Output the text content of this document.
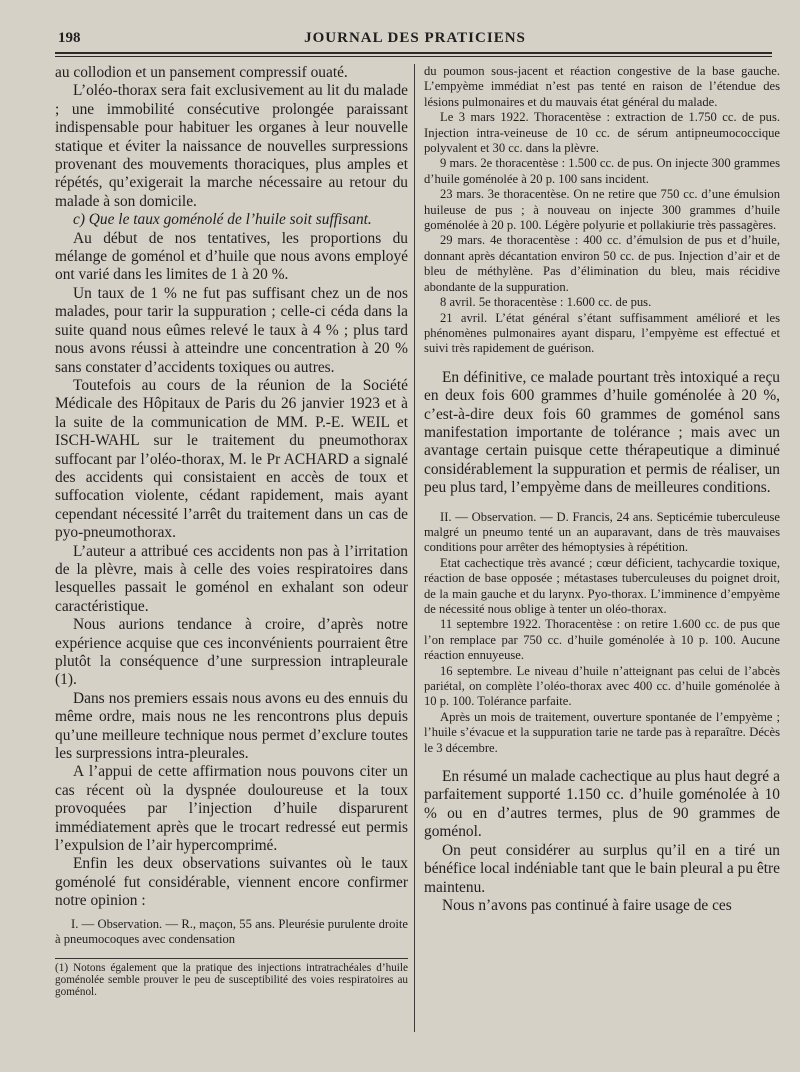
198	JOURNAL DES PRATICIENS

au collodion et un pansement compressif ouaté.

L’oléo-thorax sera fait exclusivement au lit du malade ; une immobilité consécutive prolongée paraissant indispensable pour habituer les organes à leur nouvelle statique et éviter la naissance de nouvelles surpressions provenant des mouvements thoraciques, plus amples et répétés, qu’exigerait la marche nécessaire au retour du malade à son domicile.

c) Que le taux goménolé de l’huile soit suffisant.

Au début de nos tentatives, les proportions du mélange de goménol et d’huile que nous avons employé ont varié dans les limites de 1 à 20 %.

Un taux de 1 % ne fut pas suffisant chez un de nos malades, pour tarir la suppuration ; celle-ci céda dans la suite quand nous eûmes relevé le taux à 4 % ; plus tard nous avons réussi à atteindre une concentration à 20 % sans constater d’accidents toxiques ou autres.

Toutefois au cours de la réunion de la Société Médicale des Hôpitaux de Paris du 26 janvier 1923 et à la suite de la communication de MM. P.-E. WEIL et ISCH-WAHL sur le traitement du pneumothorax suffocant par l’oléo-thorax, M. le Pr ACHARD a signalé des accidents qui consistaient en accès de toux et suffocation violente, cédant rapidement, mais ayant cependant nécessité l’arrêt du traitement dans un cas de pyo-pneumothorax.

L’auteur a attribué ces accidents non pas à l’irritation de la plèvre, mais à celle des voies respiratoires dans lesquelles passait le goménol en exhalant son odeur caractéristique.

Nous aurions tendance à croire, d’après notre expérience acquise que ces inconvénients pourraient être plutôt la conséquence d’une surpression intrapleurale (1).

Dans nos premiers essais nous avons eu des ennuis du même ordre, mais nous ne les rencontrons plus depuis qu’une meilleure technique nous permet d’exclure toutes les surpressions intra-pleurales.

A l’appui de cette affirmation nous pouvons citer un cas récent où la dyspnée douloureuse et la toux provoquées par l’injection d’huile disparurent immédiatement après que le trocart redressé eut permis l’expulsion de l’air hypercomprimé.

Enfin les deux observations suivantes où le taux goménolé fut considérable, viennent encore confirmer notre opinion :

I. — Observation. — R., maçon, 55 ans. Pleurésie purulente droite à pneumocoques avec condensation

(1) Notons également que la pratique des injections intratrachéales d’huile goménolée semble prouver le peu de susceptibilité des voies respiratoires au goménol.

du poumon sous-jacent et réaction congestive de la base gauche. L’empyème immédiat n’est pas tenté en raison de l’étendue des lésions pulmonaires et du mauvais état général du malade.

Le 3 mars 1922. Thoracentèse : extraction de 1.750 cc. de pus. Injection intra-veineuse de 10 cc. de sérum antipneumococcique polyvalent et 30 cc. dans la plèvre.

9 mars. 2e thoracentèse : 1.500 cc. de pus. On injecte 300 grammes d’huile goménolée à 20 p. 100 sans incident.

23 mars. 3e thoracentèse. On ne retire que 750 cc. d’une émulsion huileuse de pus ; à nouveau on injecte 300 grammes d’huile goménolée à 20 p. 100. Légère polyurie et pollakiurie très passagères.

29 mars. 4e thoracentèse : 400 cc. d’émulsion de pus et d’huile, donnant après décantation environ 50 cc. de pus. Injection d’air et de bleu de méthylène. Pas d’élimination du bleu, mais récidive abondante de la suppuration.

8 avril. 5e thoracentèse : 1.600 cc. de pus.

21 avril. L’état général s’étant suffisamment amélioré et les phénomènes pulmonaires ayant disparu, l’empyème est effectué et suivi très rapidement de guérison.

En définitive, ce malade pourtant très intoxiqué a reçu en deux fois 600 grammes d’huile goménolée à 20 %, c’est-à-dire deux fois 60 grammes de goménol sans manifestation importante de tolérance ; mais avec un avantage certain puisque cette thérapeutique a diminué considérablement la suppuration et permis de réaliser, un peu plus tard, l’empyème dans de meilleures conditions.

II. — Observation. — D. Francis, 24 ans. Septicémie tuberculeuse malgré un pneumo tenté un an auparavant, dans de très mauvaises conditions pour arrêter des hémoptysies à répétition.

Etat cachectique très avancé ; cœur déficient, tachycardie toxique, réaction de base opposée ; métastases tuberculeuses du poignet droit, de la main gauche et du larynx. Pyo-thorax. L’imminence d’empyème de nécessité nous oblige à tenter un oléo-thorax.

11 septembre 1922. Thoracentèse : on retire 1.600 cc. de pus que l’on remplace par 750 cc. d’huile goménolée à 10 p. 100. Aucune réaction ennuyeuse.

16 septembre. Le niveau d’huile n’atteignant pas celui de l’abcès pariétal, on complète l’oléo-thorax avec 400 cc. d’huile goménolée à 10 p. 100. Tolérance parfaite.

Après un mois de traitement, ouverture spontanée de l’empyème ; l’huile s’évacue et la suppuration tarie ne tarde pas à reparaître. Décès le 3 décembre.

En résumé un malade cachectique au plus haut degré a parfaitement supporté 1.150 cc. d’huile goménolée à 10 % ou en d’autres termes, plus de 90 grammes de goménol.

On peut considérer au surplus qu’il en a tiré un bénéfice local indéniable tant que le bain pleural a pu être maintenu.

Nous n’avons pas continué à faire usage de ces
